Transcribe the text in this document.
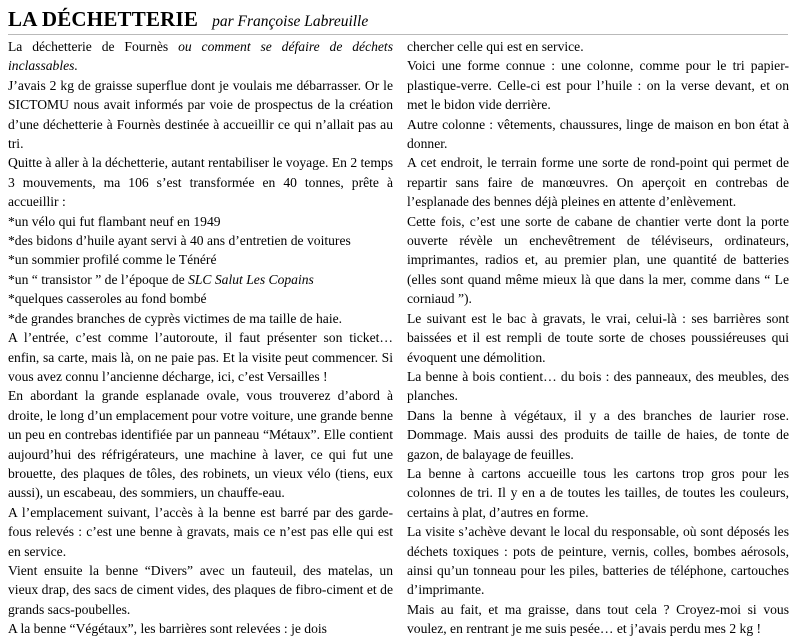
LA DÉCHETTERIE par Françoise Labreuille

La déchetterie de Fournès ou comment se défaire de déchets inclassables.

J’avais 2 kg de graisse superflue dont je voulais me débarrasser. Or le SICTOMU nous avait informés par voie de prospectus de la création d’une déchetterie à Fournès destinée à accueillir ce qui n’allait pas au tri.

Quitte à aller à la déchetterie, autant rentabiliser le voyage. En 2 temps 3 mouvements, ma 106 s’est transformée en 40 tonnes, prête à accueillir :

*un vélo qui fut flambant neuf en 1949

*des bidons d’huile ayant servi à 40 ans d’entretien de voitures

*un sommier profilé comme le Ténéré

*un “ transistor ” de l’époque de SLC Salut Les Copains

*quelques casseroles au fond bombé

*de grandes branches de cyprès victimes de ma taille de haie.

A l’entrée, c’est comme l’autoroute, il faut présenter son ticket… enfin, sa carte, mais là, on ne paie pas. Et la visite peut commencer. Si vous avez connu l’ancienne décharge, ici, c’est Versailles !

En abordant la grande esplanade ovale, vous trouverez d’abord à droite, le long d’un emplacement pour votre voiture, une grande benne un peu en contrebas identifiée par un panneau “Métaux”. Elle contient aujourd’hui des réfrigérateurs, une machine à laver, ce qui fut une brouette, des plaques de tôles, des robinets, un vieux vélo (tiens, eux aussi), un escabeau, des sommiers, un chauffe-eau.

A l’emplacement suivant, l’accès à la benne est barré par des garde-fous relevés : c’est une benne à gravats, mais ce n’est pas elle qui est en service.

Vient ensuite la benne “Divers” avec un fauteuil, des matelas, un vieux drap, des sacs de ciment vides, des plaques de fibro-ciment et de grands sacs-poubelles.

A la benne “Végétaux”, les barrières sont relevées : je dois

chercher celle qui est en service.

Voici une forme connue : une colonne, comme pour le tri papier-plastique-verre. Celle-ci est pour l’huile : on la verse devant, et on met le bidon vide derrière.

Autre colonne : vêtements, chaussures, linge de maison en bon état à donner.

A cet endroit, le terrain forme une sorte de rond-point qui permet de repartir sans faire de manœuvres. On aperçoit en contrebas de l’esplanade des bennes déjà pleines en attente d’enlèvement.

Cette fois, c’est une sorte de cabane de chantier verte dont la porte ouverte révèle un enchevêtrement de téléviseurs, ordinateurs, imprimantes, radios et, au premier plan, une quantité de batteries (elles sont quand même mieux là que dans la mer, comme dans “ Le corniaud ”).

Le suivant est le bac à gravats, le vrai, celui-là : ses barrières sont baissées et il est rempli de toute sorte de choses poussiéreuses qui évoquent une démolition.

La benne à bois contient… du bois : des panneaux, des meubles, des planches.

Dans la benne à végétaux, il y a des branches de laurier rose. Dommage. Mais aussi des produits de taille de haies, de tonte de gazon, de balayage de feuilles.

La benne à cartons accueille tous les cartons trop gros pour les colonnes de tri. Il y en a de toutes les tailles, de toutes les couleurs, certains à plat, d’autres en forme.

La visite s’achève devant le local du responsable, où sont déposés les déchets toxiques : pots de peinture, vernis, colles, bombes aérosols, ainsi qu’un tonneau pour les piles, batteries de téléphone, cartouches d’imprimante.

Mais au fait, et ma graisse, dans tout cela ? Croyez-moi si vous voulez, en rentrant je me suis pesée… et j’avais perdu mes 2 kg !
